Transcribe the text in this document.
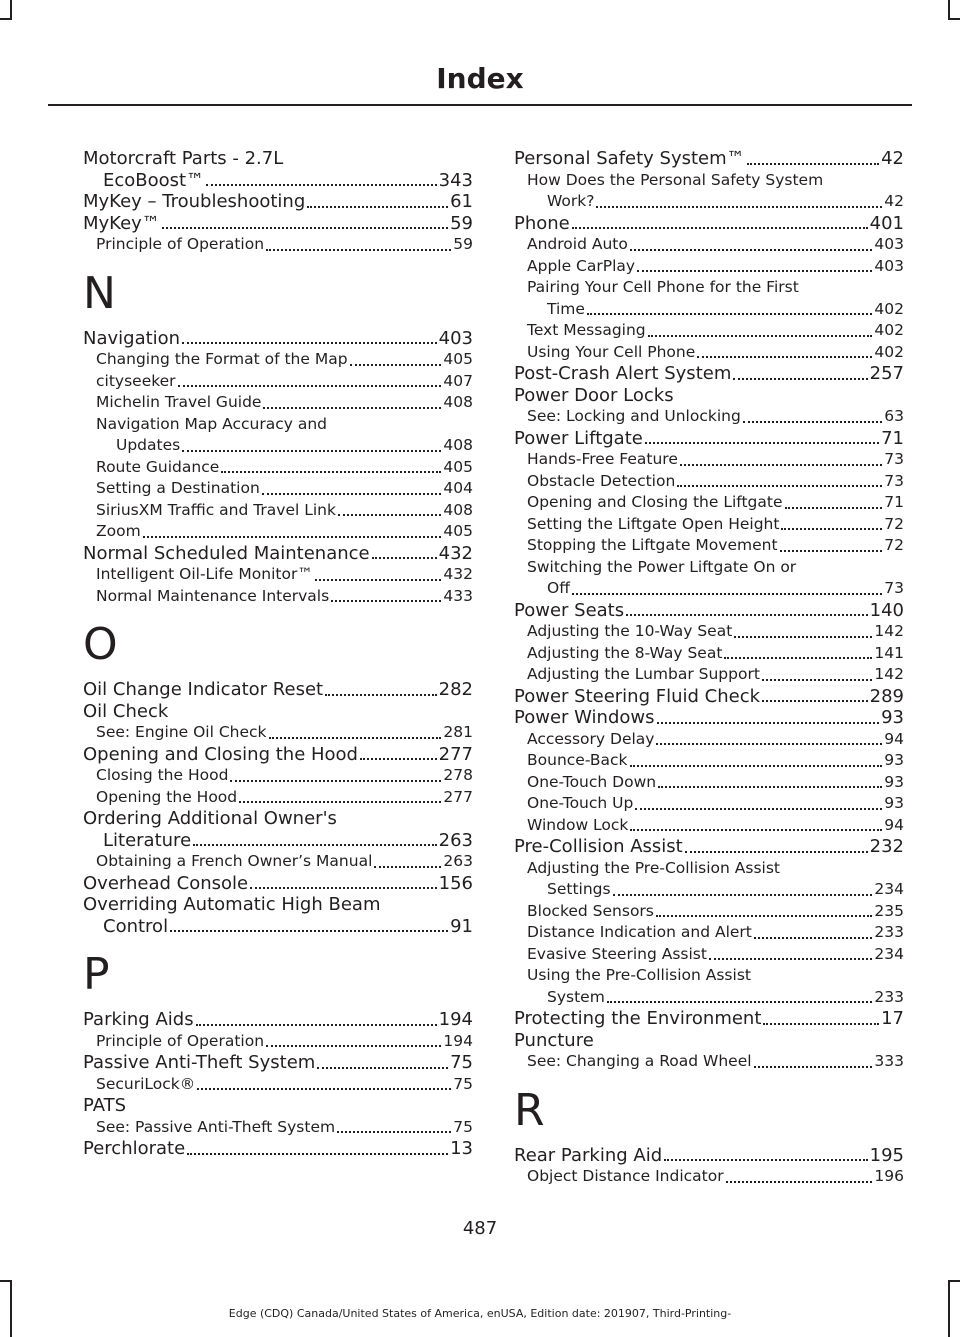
Index
Motorcraft Parts - 2.7L
EcoBoost™	343
MyKey – Troubleshooting	61
MyKey™	59
Principle of Operation	59
N
Navigation	403
Changing the Format of the Map	405
cityseeker	407
Michelin Travel Guide	408
Navigation Map Accuracy and
Updates	408
Route Guidance	405
Setting a Destination	404
SiriusXM Traffic and Travel Link	408
Zoom	405
Normal Scheduled Maintenance	432
Intelligent Oil-Life Monitor™	432
Normal Maintenance Intervals	433
O
Oil Change Indicator Reset	282
Oil Check
See: Engine Oil Check	281
Opening and Closing the Hood	277
Closing the Hood	278
Opening the Hood	277
Ordering Additional Owner's
Literature	263
Obtaining a French Owner’s Manual	263
Overhead Console	156
Overriding Automatic High Beam
Control	91
P
Parking Aids	194
Principle of Operation	194
Passive Anti-Theft System	75
SecuriLock®	75
PATS
See: Passive Anti-Theft System	75
Perchlorate	13
Personal Safety System™	42
How Does the Personal Safety System
Work?	42
Phone	401
Android Auto	403
Apple CarPlay	403
Pairing Your Cell Phone for the First
Time	402
Text Messaging	402
Using Your Cell Phone	402
Post-Crash Alert System	257
Power Door Locks
See: Locking and Unlocking	63
Power Liftgate	71
Hands-Free Feature	73
Obstacle Detection	73
Opening and Closing the Liftgate	71
Setting the Liftgate Open Height	72
Stopping the Liftgate Movement	72
Switching the Power Liftgate On or
Off	73
Power Seats	140
Adjusting the 10-Way Seat	142
Adjusting the 8-Way Seat	141
Adjusting the Lumbar Support	142
Power Steering Fluid Check	289
Power Windows	93
Accessory Delay	94
Bounce-Back	93
One-Touch Down	93
One-Touch Up	93
Window Lock	94
Pre-Collision Assist	232
Adjusting the Pre-Collision Assist
Settings	234
Blocked Sensors	235
Distance Indication and Alert	233
Evasive Steering Assist	234
Using the Pre-Collision Assist
System	233
Protecting the Environment	17
Puncture
See: Changing a Road Wheel	333
R
Rear Parking Aid	195
Object Distance Indicator	196
487
Edge (CDQ) Canada/United States of America, enUSA, Edition date: 201907, Third-Printing-
